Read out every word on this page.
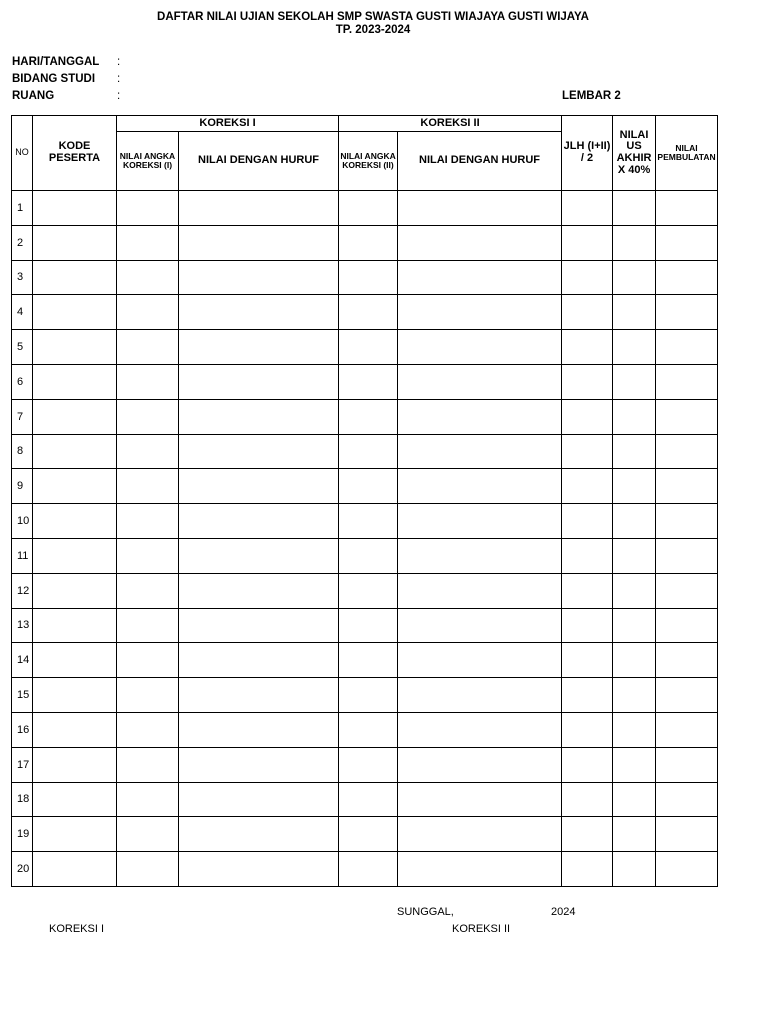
DAFTAR NILAI UJIAN SEKOLAH SMP SWASTA GUSTI WIAJAYA GUSTI WIJAYA
TP. 2023-2024
HARI/TANGGAL :
BIDANG STUDI :
RUANG	:	LEMBAR 2
NO	KODE PESERTA	KOREKSI I		KOREKSI II		JLH (I+II) / 2	NILAI US AKHIR X 40%	NILAI PEMBULATAN
		NILAI ANGKA KOREKSI (I)	NILAI DENGAN HURUF	NILAI ANGKA KOREKSI (II)	NILAI DENGAN HURUF			
1								
2								
3								
4								
5								
6								
7								
8								
9								
10								
11								
12								
13								
14								
15								
16								
17								
18								
19								
20								
SUNGGAL,	2024
KOREKSI I	KOREKSI II
